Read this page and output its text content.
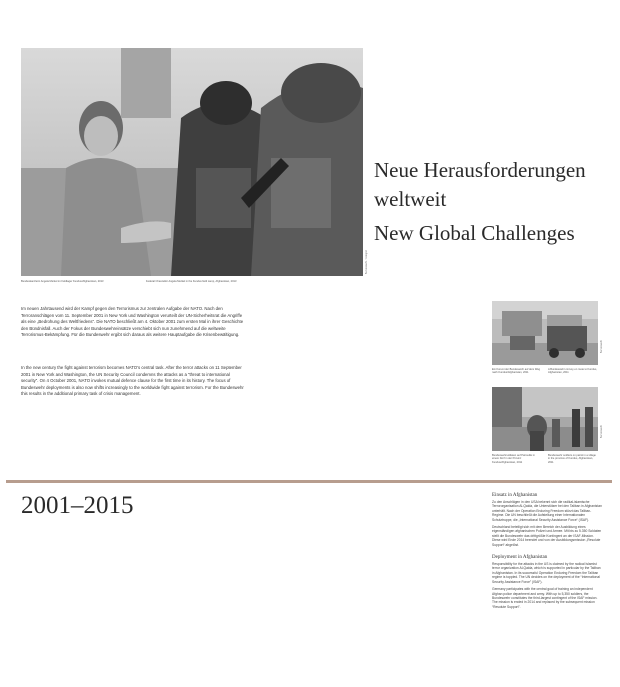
Bundeswehr / Fotograf
Bundeskanzlerin Angela Merkel im Feldlager Kundus/Afghanistan, 2013	Federal Chancellor Angela Merkel in the Kundus field camp, Afghanistan, 2013
Neue Herausforderungen
weltweit
New Global Challenges
Im neuen Jahrtausend wird der Kampf gegen den Terrorismus zur zentralen Aufgabe der NATO. Nach den Terroranschlägen vom 11. September 2001 in New York und Washington verurteilt der UN-Sicherheitsrat die Angriffe als eine „Bedrohung des Weltfriedens“. Die NATO beschließt am 4. Oktober 2001 zum ersten Mal in ihrer Geschichte den Bündnisfall. Auch der Fokus der Bundeswehreinsätze verschiebt sich nun zunehmend auf die weltweite Terrorismus-Bekämpfung. Für die Bundeswehr ergibt sich daraus als weitere Hauptaufgabe die Krisenbewältigung.
In the new century the fight against terrorism becomes NATO’s central task. After the terror attacks on 11 September 2001 in New York and Washington, the UN Security Council condemns the attacks as a “threat to international security”. On 4 October 2001, NATO invokes mutual defence clause for the first time in its history. The focus of Bundeswehr deployments is also now shifts increasingly to the worldwide fight against terrorism. For the Bundeswehr this results in the additional primary task of crisis management.
Bundeswehr
Ein Konvoi der Bundeswehr auf dem Weg nach Kundus/Afghanistan, 2011
A Bundeswehr convoy en route to Kundus, Afghanistan, 2011
Bundeswehr
Bundeswehrsoldaten auf Patrouille in einem Dorf in der Provinz Kundus/Afghanistan, 2011
Bundeswehr soldiers on patrol in a village in the province of Kundus, Afghanistan, 2011
2001–2015	Einsatz in Afghanistan
Zu den Anschlägen in den USA bekennt sich die radikal-islamische Terrororganisation Al-Qaida, die Unterstützer bei den Taliban in Afghanistan unterhält. Nach der Operation Enduring Freedom stürzt das Taliban-Regime. Die UN beschließt die Aufstellung einer Internationalen Schutztruppe, die „International Security Assistance Force“ (ISAF).
Deutschland beteiligt sich mit dem Bereich der Ausbildung eines eigenständigen afghanischen Polizei und Armee. Mit bis zu 5.350 Soldaten stellt die Bundeswehr das drittgrößte Kontingent an der ISAF-Mission. Diese wird Ende 2014 beendet und von der Ausbildungsmission „Resolute Support“ abgelöst.
Deployment in Afghanistan
Responsibility for the attacks in the US is claimed by the radical Islamist terror organization Al-Qaida, which is supported in particular by the Taliban in Afghanistan. In its successful Operation Enduring Freedom the Taliban regime is toppled. The UN decides on the deployment of the “International Security Assistance Force” (ISAF).
Germany participates with the central goal of training an independent Afghan police department and army. With up to 5,350 soldiers, the Bundeswehr constitutes the third-largest contingent of the ISAF mission. The mission is ended in 2014 and replaced by the subsequent mission “Resolute Support”.
